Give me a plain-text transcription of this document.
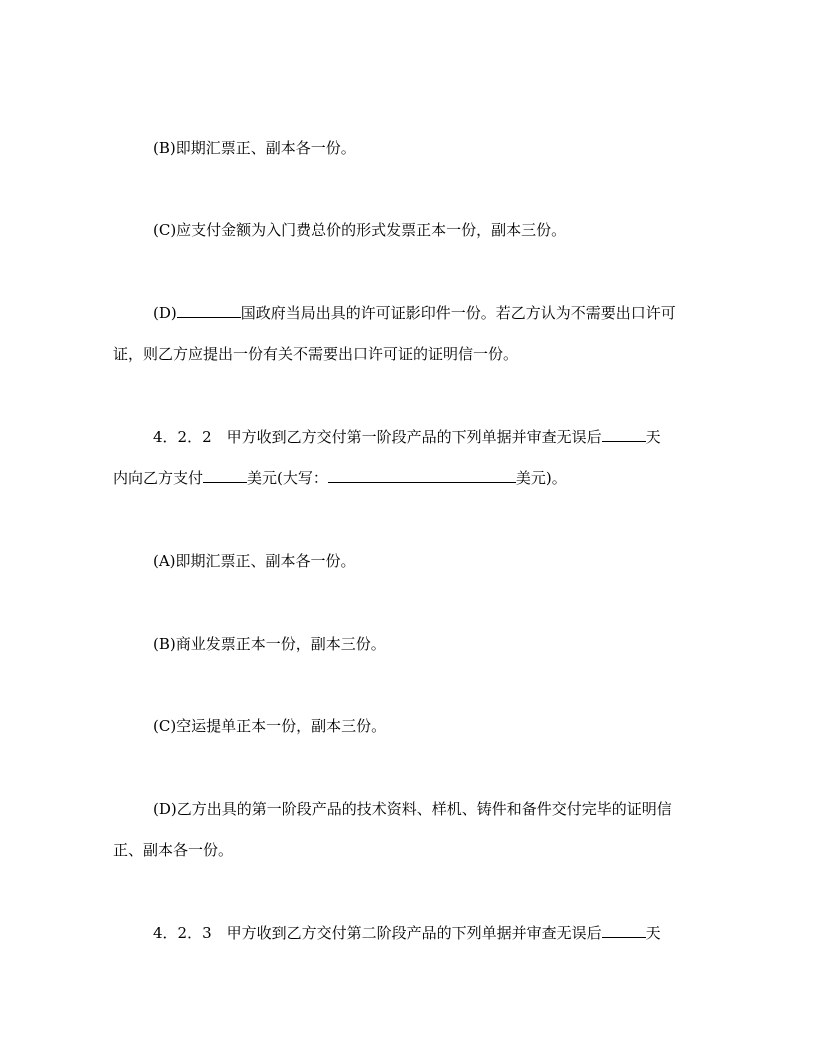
(B)即期汇票正、副本各一份。
(C)应支付金额为入门费总价的形式发票正本一份，副本三份。
(D)	国政府当局出具的许可证影印件一份。若乙方认为不需要出口许可
证，则乙方应提出一份有关不需要出口许可证的证明信一份。
4．2．2　甲方收到乙方交付第一阶段产品的下列单据并审查无误后	天
内向乙方支付	美元(大写：	美元)。
(A)即期汇票正、副本各一份。
(B)商业发票正本一份，副本三份。
(C)空运提单正本一份，副本三份。
(D)乙方出具的第一阶段产品的技术资料、样机、铸件和备件交付完毕的证明信
正、副本各一份。
4．2．3　甲方收到乙方交付第二阶段产品的下列单据并审查无误后	天
